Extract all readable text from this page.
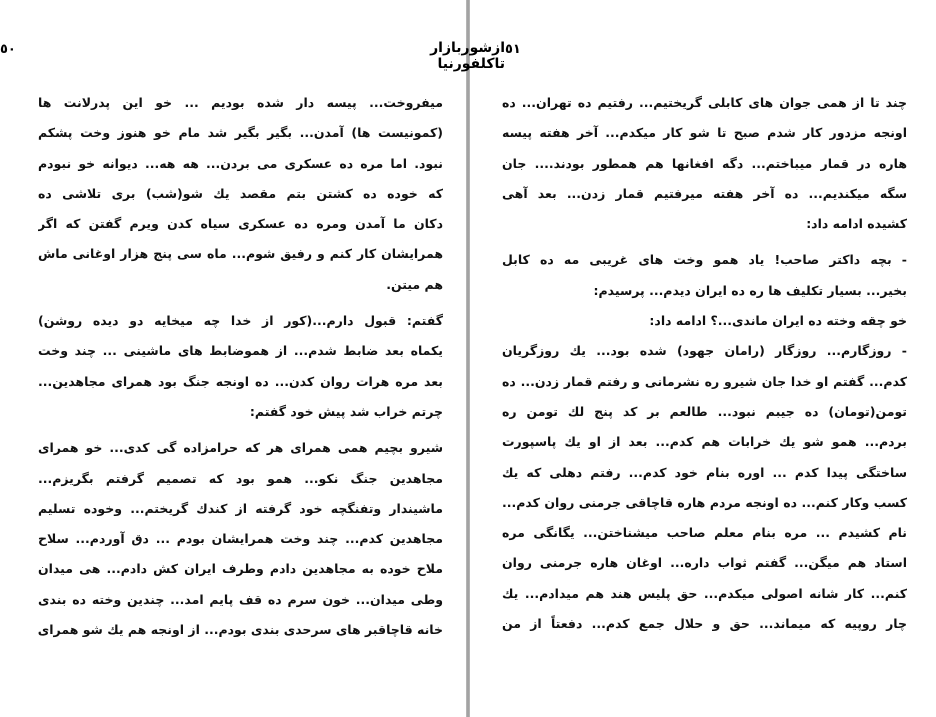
٥٠	ازشوربازار تاکلفورنیا
٥١
میفروخت... پیسه دار شده بودیم ... خو این پدرلانت ها
(کمونیست ها) آمدن... بگیر بگیر شد مام خو هنوز وخت پشکم
نبود. اما مره ده عسکری می بردن... هه هه... دیوانه خو نبودم
که خوده ده کشتن بتم مقصد یك شو(شب) بری تلاشی ده
دکان ما آمدن ومره ده عسکری سیاه کدن ویرم گفتن که اگر
همرایشان کار کنم و رفیق شوم... ماه سی پنج هزار اوغانی ماش
هم میتن.
گفتم: قبول دارم...(کور از خدا چه میخایه دو دیده روشن)
یکماه بعد ضابط شدم... از هموضابط های ماشینی ... چند وخت
بعد مره هرات روان کدن... ده اونجه جنگ بود همرای مجاهدین...
چرتم خراب شد پیش خود گفتم:
شیرو بچیم همی همرای هر که حرامزاده گی کدی... خو همرای
مجاهدین جنگ نکو... همو بود که تصمیم گرفتم بگریزم...
ماشیندار وتفنگچه خود گرفته از کندك گریختم... وخوده تسلیم
مجاهدین کدم... چند وخت همرایشان بودم ... دق آوردم... سلاح
ملاح خوده به مجاهدین دادم وطرف ایران کش دادم... هی میدان
وطی میدان... خون سرم ده قف پایم امد... چندین وخته ده بندی
خانه قاچاقبر های سرحدی بندی بودم... از اونجه هم یك شو همرای
چند تا از همی جوان های کابلی گریختیم... رفتیم ده تهران... ده
اونجه مزدور کار شدم صبح تا شو کار میکدم... آخر هفته پیسه
هاره در قمار میباختم... دگه افغانها هم همطور بودند.... جان
سگه میکندیم... ده آخر هفته میرفتیم قمار زدن... بعد آهی
کشیده ادامه داد:
- بچه داکتر صاحب! یاد همو وخت های غریبی مه ده کابل
بخیر... بسیار تکلیف ها ره ده ایران دیدم... پرسیدم:
خو چقه وخته ده ایران ماندی...؟ ادامه داد:
- روزگارم... روزگار (رامان جهود) شده بود... یك روزگریان
کدم... گفتم او خدا جان شیرو ره نشرمانی و رفتم قمار زدن... ده
تومن(تومان) ده جیبم نبود... طالعم بر کد پنج لك تومن ره
بردم... همو شو یك خرابات هم کدم... بعد از او یك پاسپورت
ساختگی پیدا کدم ... اوره بنام خود کدم... رفتم دهلی که یك
کسب وکار کنم... ده اونجه مردم هاره قاچاقی جرمنی روان کدم...
نام کشیدم ... مره بنام معلم صاحب میشناختن... یگانگی مره
استاد هم میگن... گفتم ثواب داره... اوغان هاره جرمنی روان
کنم... کار شانه اصولی میکدم... حق پلیس هند هم میدادم... یك
چار روپیه که میماند... حق و حلال جمع کدم... دفعتاً از من
